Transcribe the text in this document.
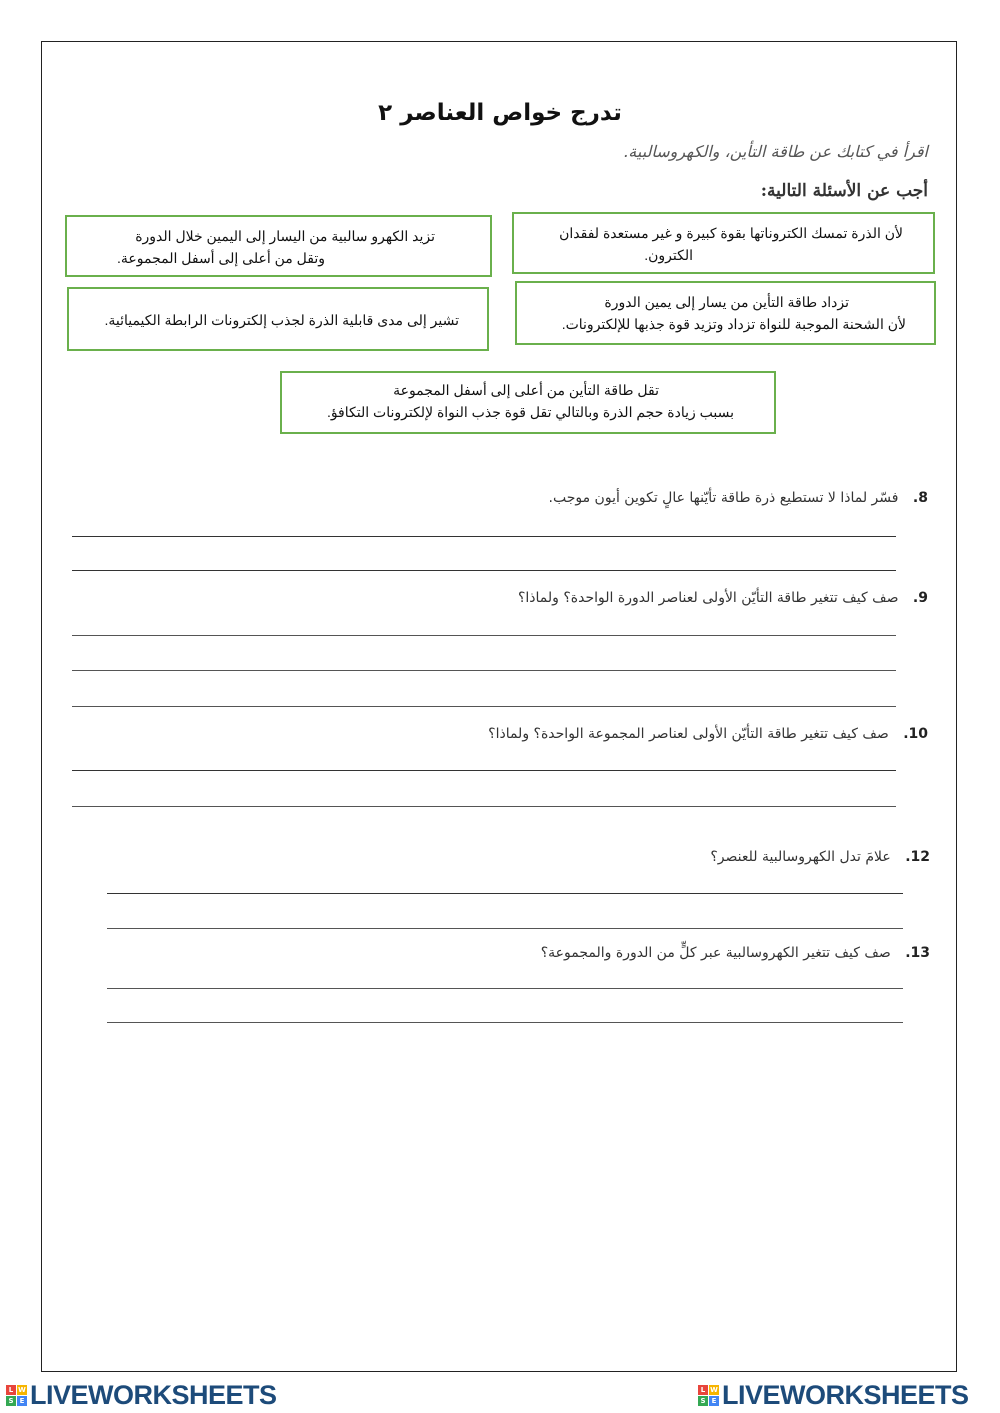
تدرج خواص العناصر ٢
اقرأ في كتابك عن طاقة التأين، والكهروسالبية.
أجب عن الأسئلة التالية:
لأن الذرة تمسك الكتروناتها بقوة كبيرة و غير مستعدة لفقدان
الكترون.
تزيد الكهرو سالبية من اليسار إلى اليمين خلال الدورة
وتقل من أعلى إلى أسفل المجموعة.
تزداد طاقة التأين من يسار إلى يمين الدورة
لأن الشحنة الموجبة للنواة تزداد وتزيد قوة جذبها للإلكترونات.
تشير إلى مدى قابلية الذرة لجذب إلكترونات الرابطة الكيميائية.
تقل طاقة التأين من أعلى إلى أسفل المجموعة
بسبب زيادة حجم الذرة وبالتالي تقل قوة جذب النواة لإلكترونات التكافؤ.
8. فسّر لماذا لا تستطيع ذرة طاقة تأيّنها عالٍ تكوين أيون موجب.
9. صف كيف تتغير طاقة التأيّن الأولى لعناصر الدورة الواحدة؟ ولماذا؟
10. صف كيف تتغير طاقة التأيّن الأولى لعناصر المجموعة الواحدة؟ ولماذا؟
12. علامَ تدل الكهروسالبية للعنصر؟
13. صف كيف تتغير الكهروسالبية عبر كلٍّ من الدورة والمجموعة؟
L W
S E LIVEWORKSHEETS	L W
S E LIVEWORKSHEETS
